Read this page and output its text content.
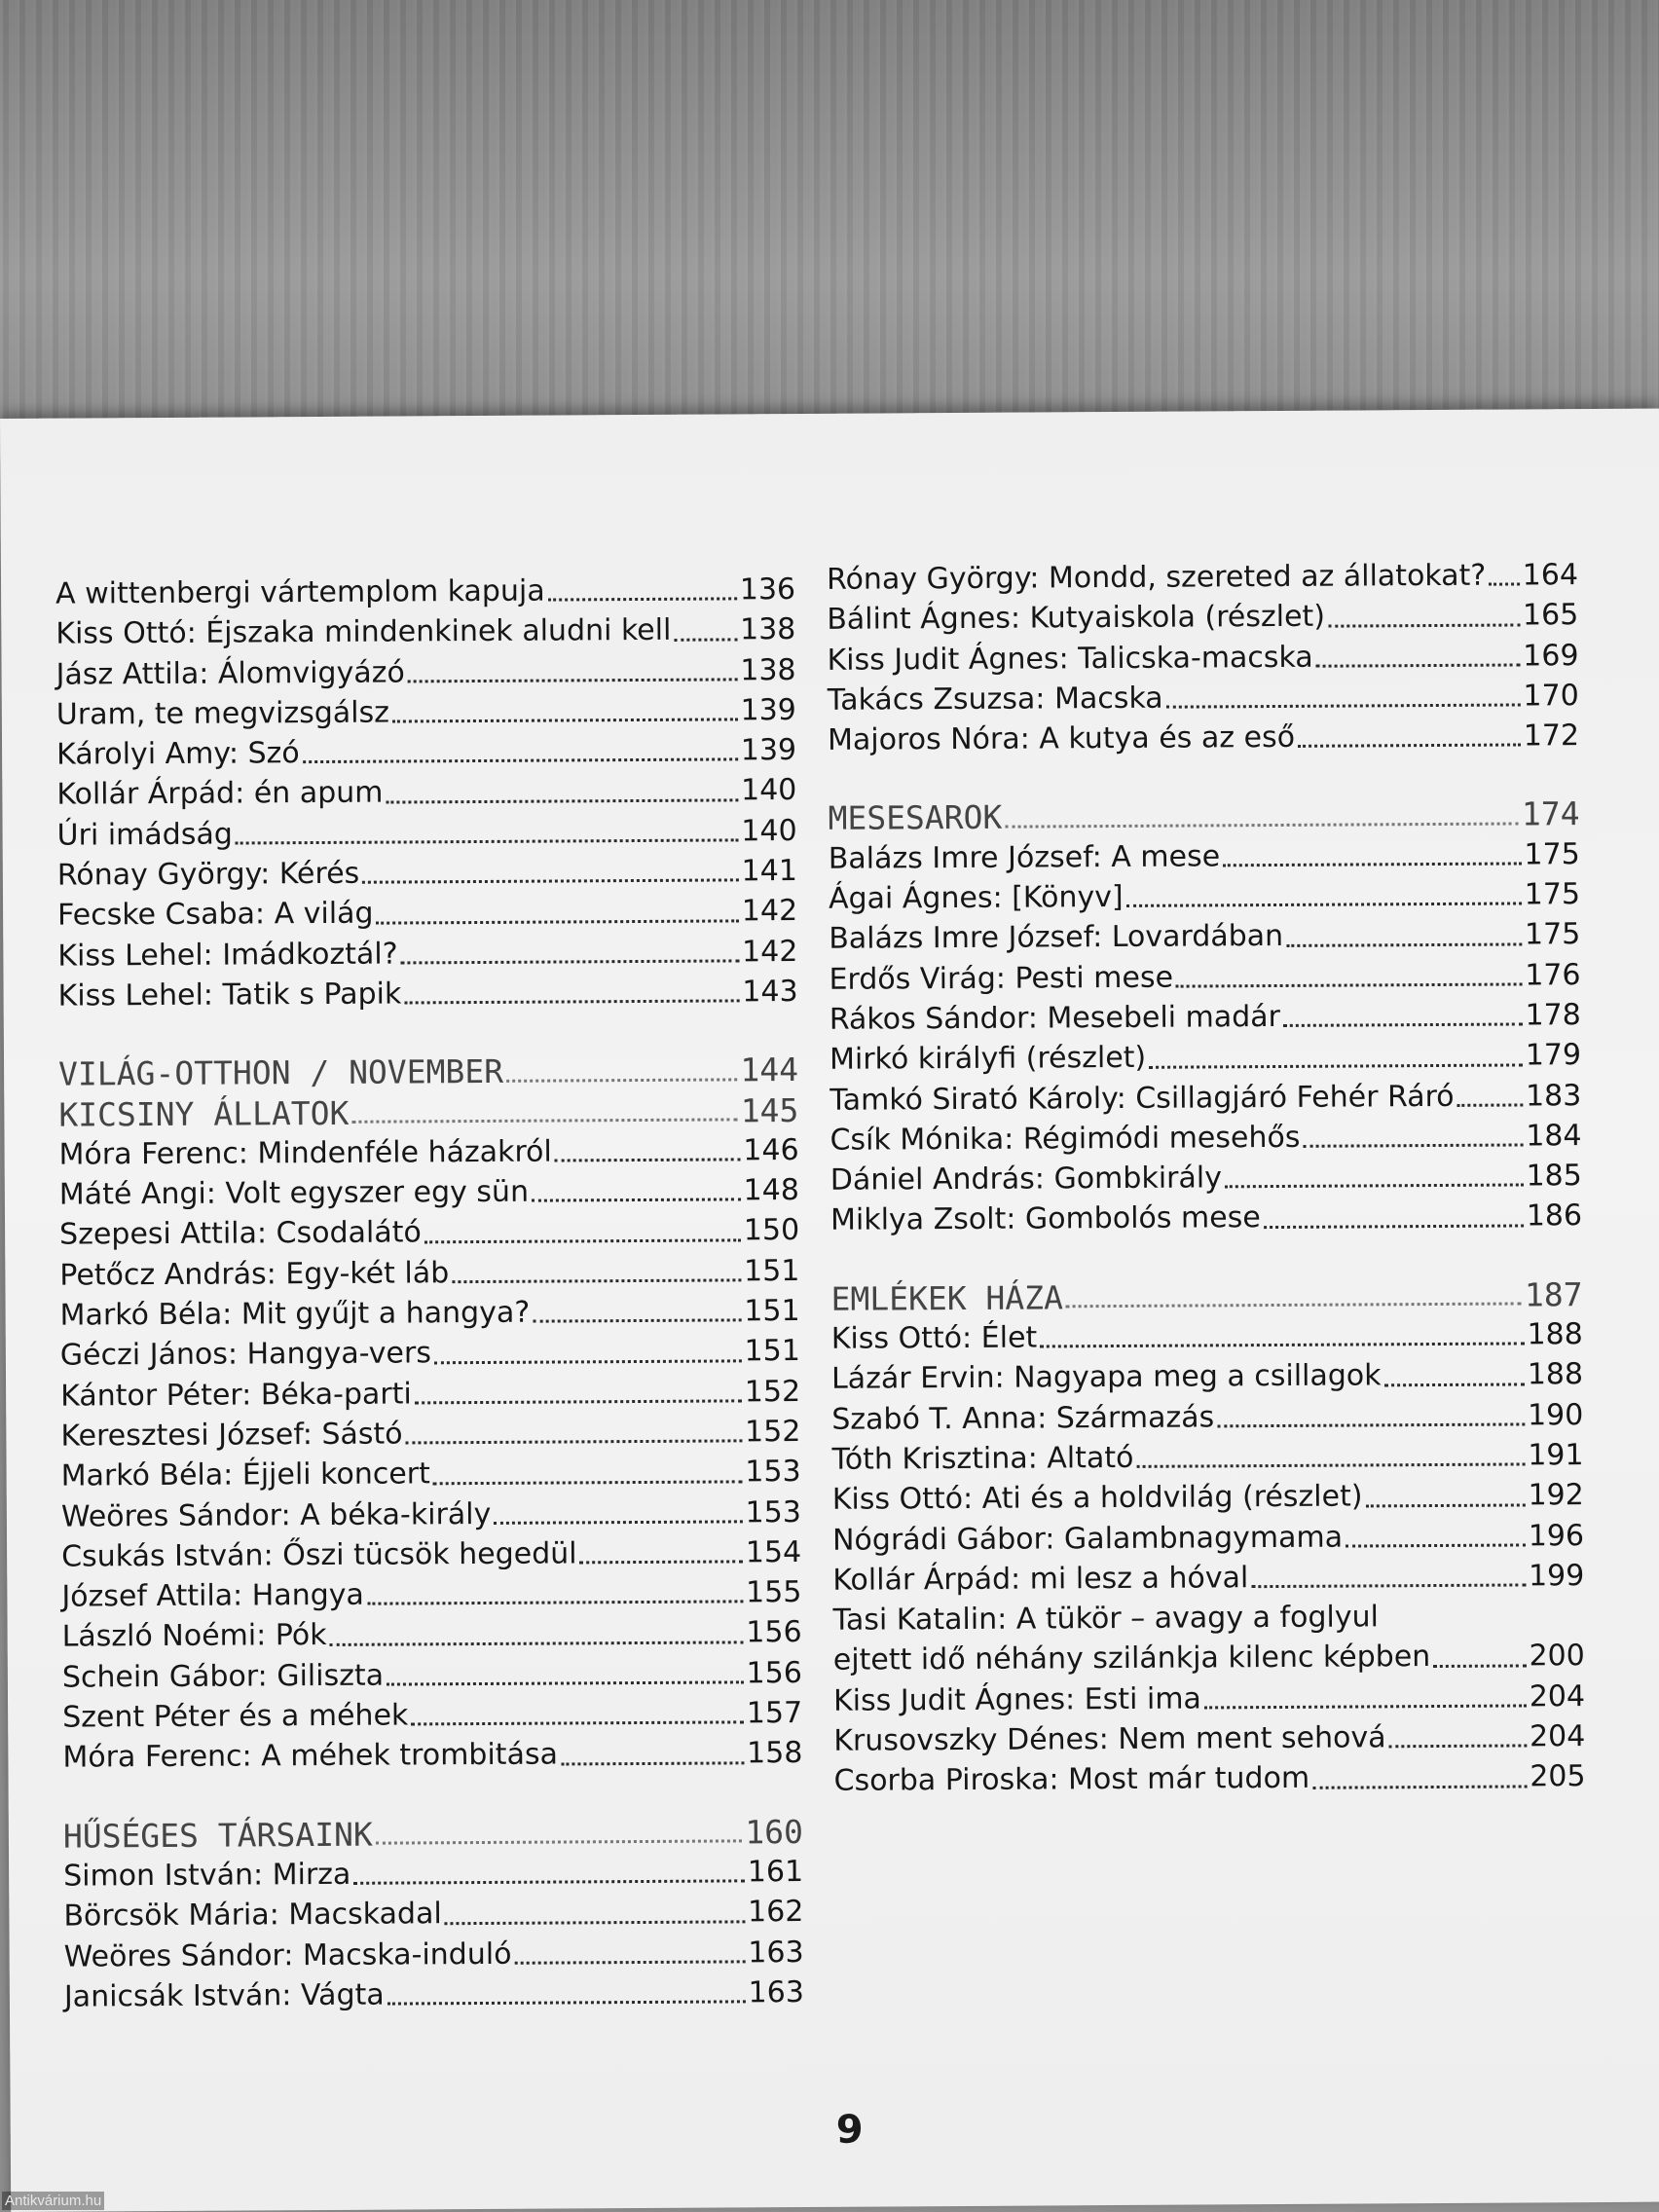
A wittenbergi vártemplom kapuja	136
Kiss Ottó: Éjszaka mindenkinek aludni kell 138
Jász Attila: Álomvigyázó	138
Uram, te megvizsgálsz	139
Károlyi Amy: Szó	139
Kollár Árpád: én apum	140
Úri imádság	140
Rónay György: Kérés	141
Fecske Csaba: A világ	142
Kiss Lehel: Imádkoztál?	142
Kiss Lehel: Tatik s Papik	143
VILÁG-OTTHON / NOVEMBER	144
KICSINY ÁLLATOK	145
Móra Ferenc: Mindenféle házakról	146
Máté Angi: Volt egyszer egy sün	148
Szepesi Attila: Csodalátó	150
Petőcz András: Egy-két láb	151
Markó Béla: Mit gyűjt a hangya?	151
Géczi János: Hangya-vers	151
Kántor Péter: Béka-parti	152
Keresztesi József: Sástó	152
Markó Béla: Éjjeli koncert	153
Weöres Sándor: A béka-király	153
Csukás István: Őszi tücsök hegedül	154
József Attila: Hangya	155
László Noémi: Pók	156
Schein Gábor: Giliszta	156
Szent Péter és a méhek	157
Móra Ferenc: A méhek trombitása	158
HŰSÉGES TÁRSAINK	160
Simon István: Mirza	161
Börcsök Mária: Macskadal	162
Weöres Sándor: Macska-induló	163
Janicsák István: Vágta	163
Rónay György: Mondd, szereted az állatokat? 164
Bálint Ágnes: Kutyaiskola (részlet)	165
Kiss Judit Ágnes: Talicska-macska	169
Takács Zsuzsa: Macska	170
Majoros Nóra: A kutya és az eső	172
MESESAROK	174
Balázs Imre József: A mese	175
Ágai Ágnes: [Könyv]	175
Balázs Imre József: Lovardában	175
Erdős Virág: Pesti mese	176
Rákos Sándor: Mesebeli madár	178
Mirkó királyfi (részlet)	179
Tamkó Sirató Károly: Csillagjáró Fehér Ráró 183
Csík Mónika: Régimódi mesehős	184
Dániel András: Gombkirály	185
Miklya Zsolt: Gombolós mese	186
EMLÉKEK HÁZA	187
Kiss Ottó: Élet	188
Lázár Ervin: Nagyapa meg a csillagok	188
Szabó T. Anna: Származás	190
Tóth Krisztina: Altató	191
Kiss Ottó: Ati és a holdvilág (részlet)	192
Nógrádi Gábor: Galambnagymama	196
Kollár Árpád: mi lesz a hóval	199
Tasi Katalin: A tükör – avagy a foglyul
ejtett idő néhány szilánkja kilenc képben	200
Kiss Judit Ágnes: Esti ima	204
Krusovszky Dénes: Nem ment sehová	204
Csorba Piroska: Most már tudom	205
9
Antikvárium.hu
